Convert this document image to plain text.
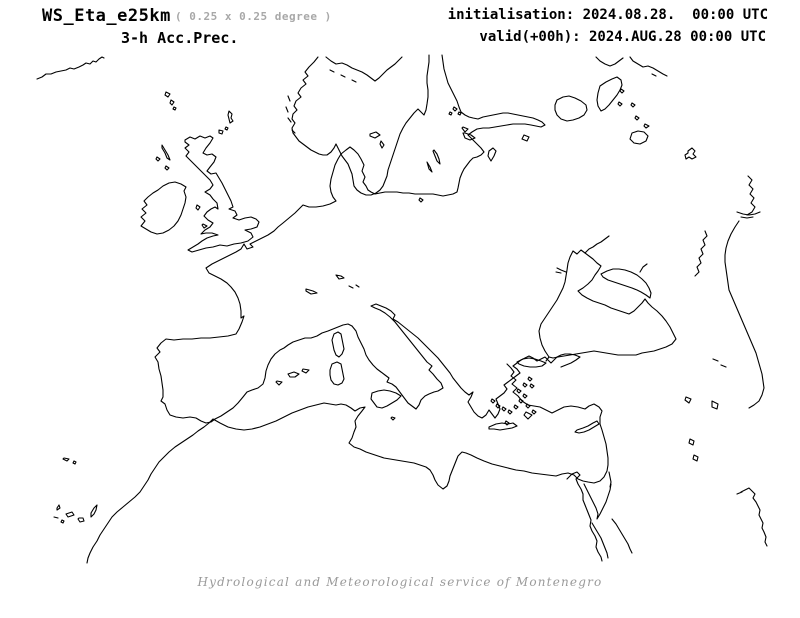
WS_Eta_e25km ( 0.25 x 0.25 degree )
3-h Acc.Prec.
initialisation: 2024.08.28.  00:00 UTC
valid(+00h): 2024.AUG.28 00:00 UTC
Hydrological and Meteorological service of Montenegro
